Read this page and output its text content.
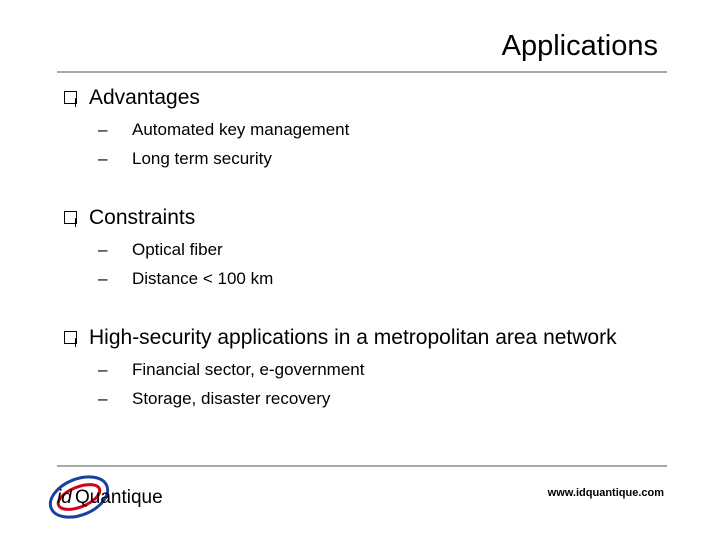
Applications
Advantages
–	Automated key management
–	Long term security
Constraints
–	Optical fiber
–	Distance < 100 km
High-security applications in a metropolitan area network
–	Financial sector, e-government
–	Storage, disaster recovery
id Quantique	www.idquantique.com
